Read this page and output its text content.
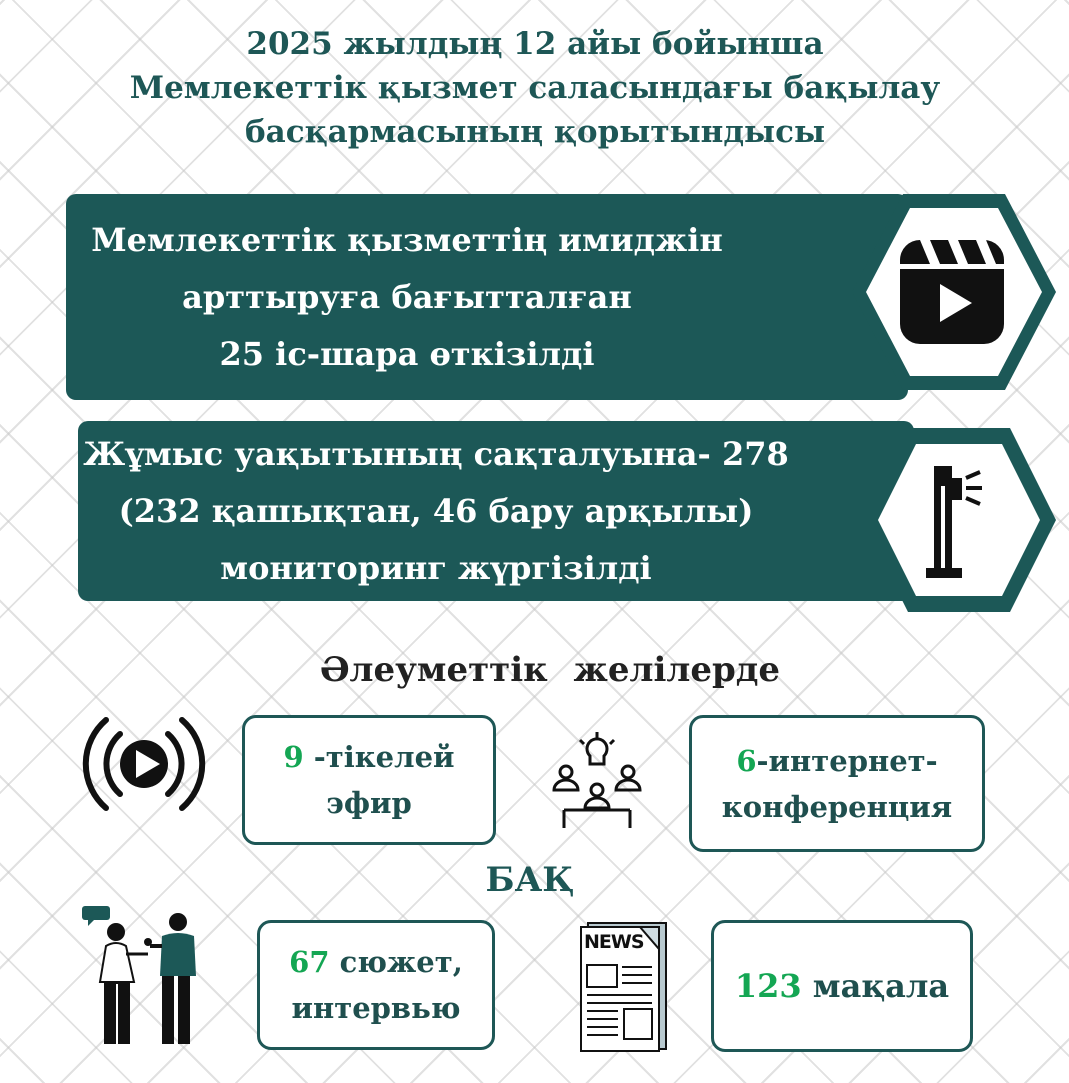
2025 жылдың 12 айы бойынша
Мемлекеттік қызмет саласындағы бақылау
басқармасының қорытындысы
Мемлекеттік қызметтің имиджін
арттыруға бағытталған
25 іс-шара өткізілді
Жұмыс уақытының сақталуына- 278
(232 қашықтан, 46 бару арқылы)
мониторинг жүргізілді
Әлеуметтік желілерде
9 -тікелей
эфир
6-интернет-
конференция
БАҚ
67 сюжет,
интервью
NEWS
123 мақала
